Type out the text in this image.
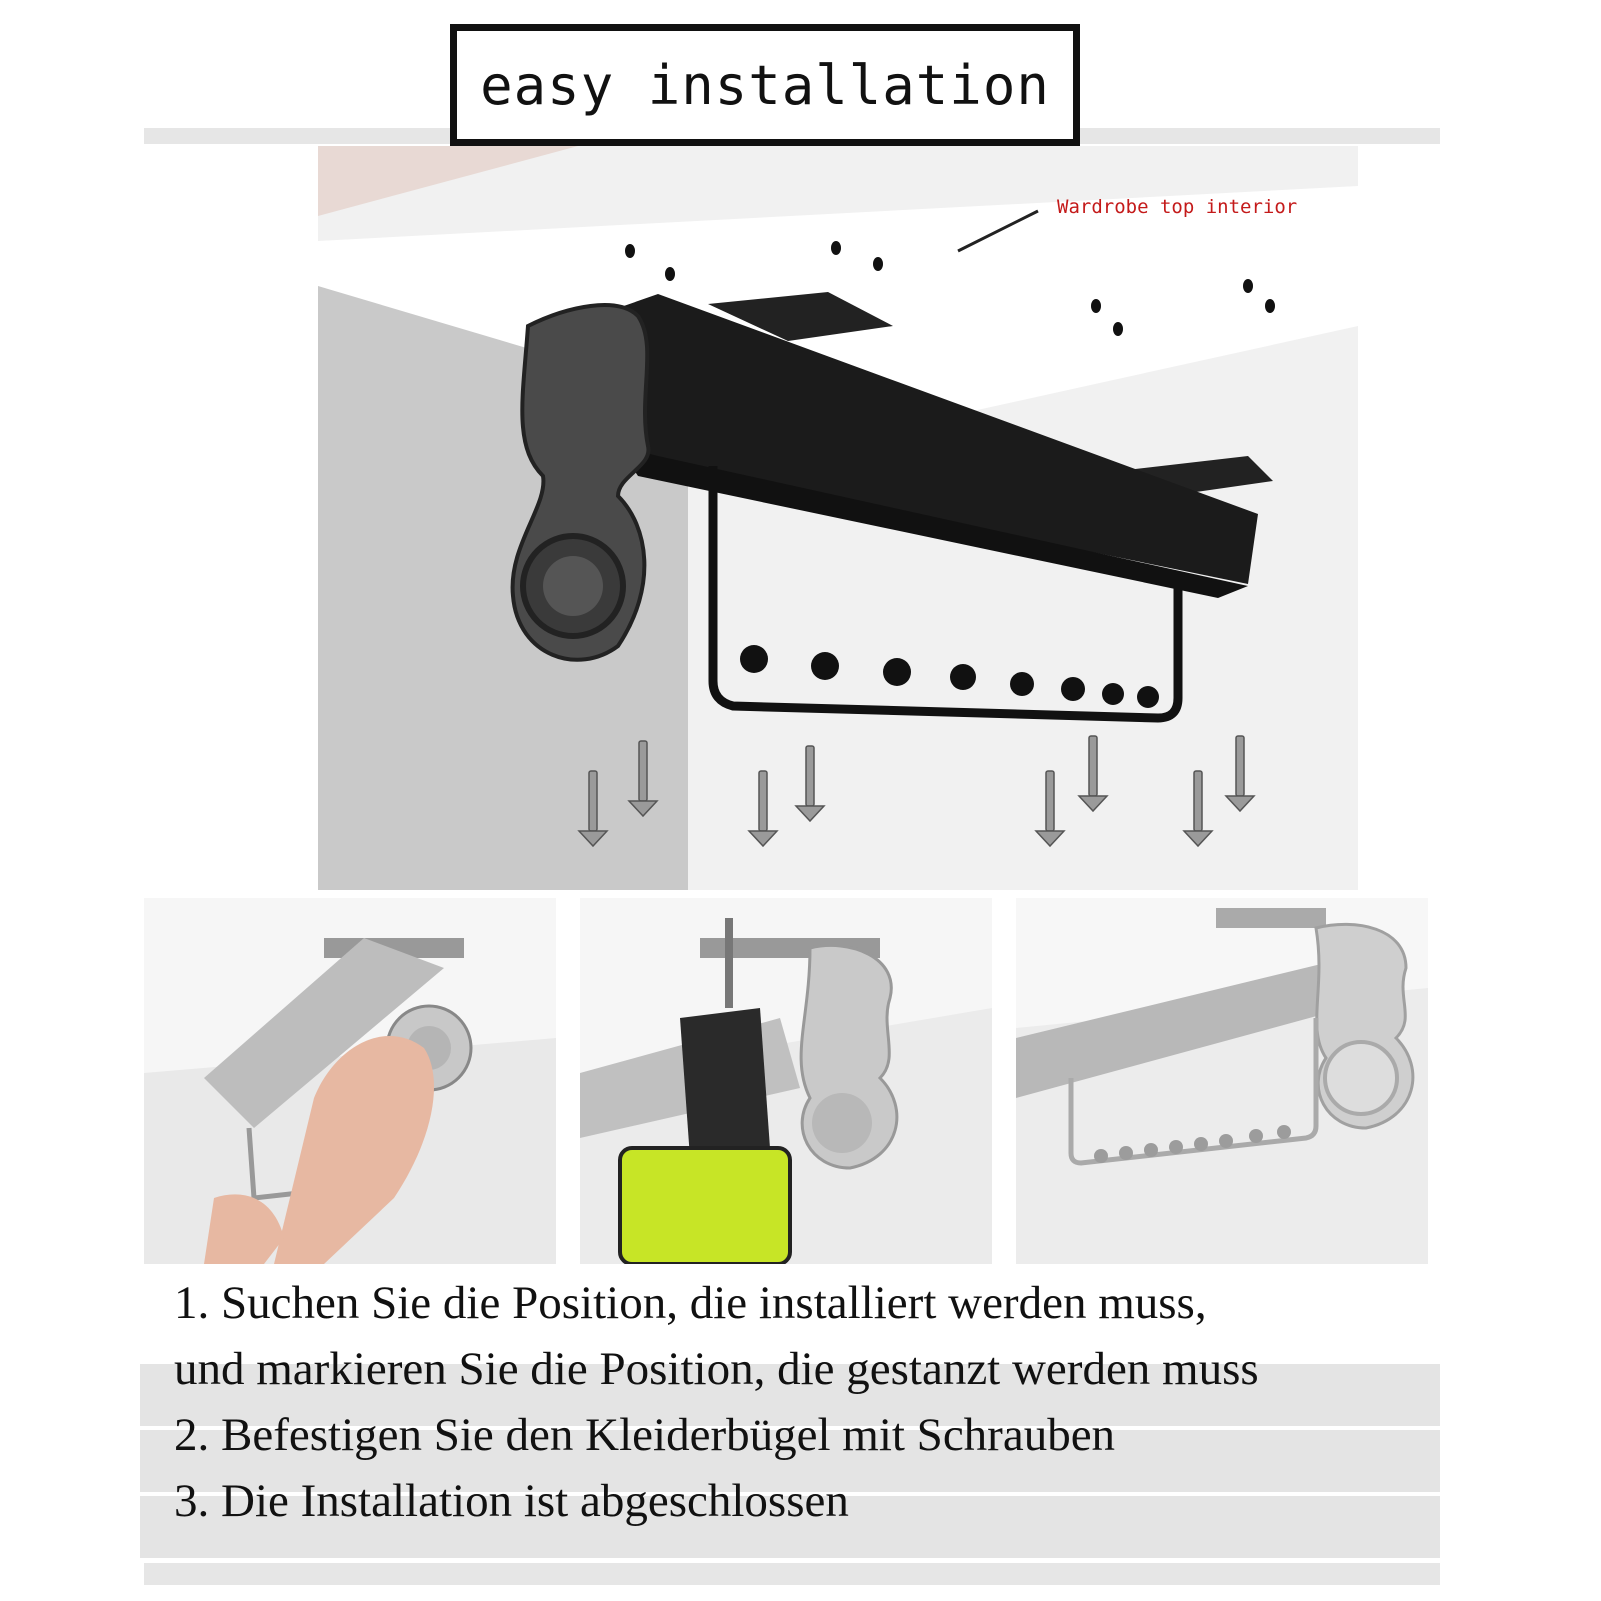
easy installation
Wardrobe top interior
1. Suchen Sie die Position, die installiert werden muss,
und markieren Sie die Position, die gestanzt werden muss
2. Befestigen Sie den Kleiderbügel mit Schrauben
3. Die Installation ist abgeschlossen
